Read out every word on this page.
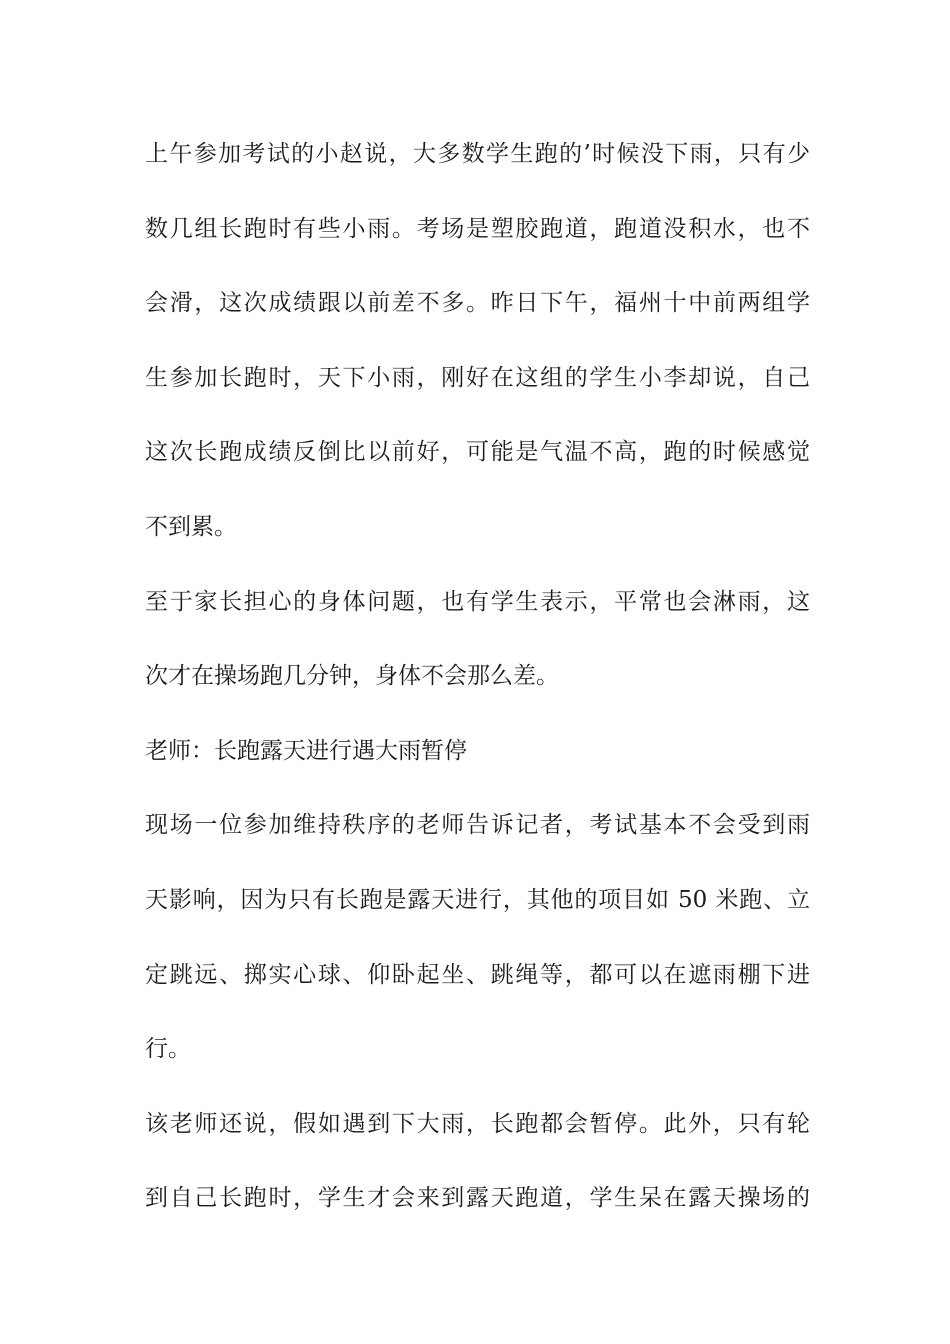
上午参加考试的小赵说，大多数学生跑的’时候没下雨，只有少
数几组长跑时有些小雨。考场是塑胶跑道，跑道没积水，也不
会滑，这次成绩跟以前差不多。昨日下午，福州十中前两组学
生参加长跑时，天下小雨，刚好在这组的学生小李却说，自己
这次长跑成绩反倒比以前好，可能是气温不高，跑的时候感觉
不到累。
至于家长担心的身体问题，也有学生表示，平常也会淋雨，这
次才在操场跑几分钟，身体不会那么差。
老师：长跑露天进行遇大雨暂停
现场一位参加维持秩序的老师告诉记者，考试基本不会受到雨
天影响，因为只有长跑是露天进行，其他的项目如 50 米跑、立
定跳远、掷实心球、仰卧起坐、跳绳等，都可以在遮雨棚下进
行。
该老师还说，假如遇到下大雨，长跑都会暂停。此外，只有轮
到自己长跑时，学生才会来到露天跑道，学生呆在露天操场的
